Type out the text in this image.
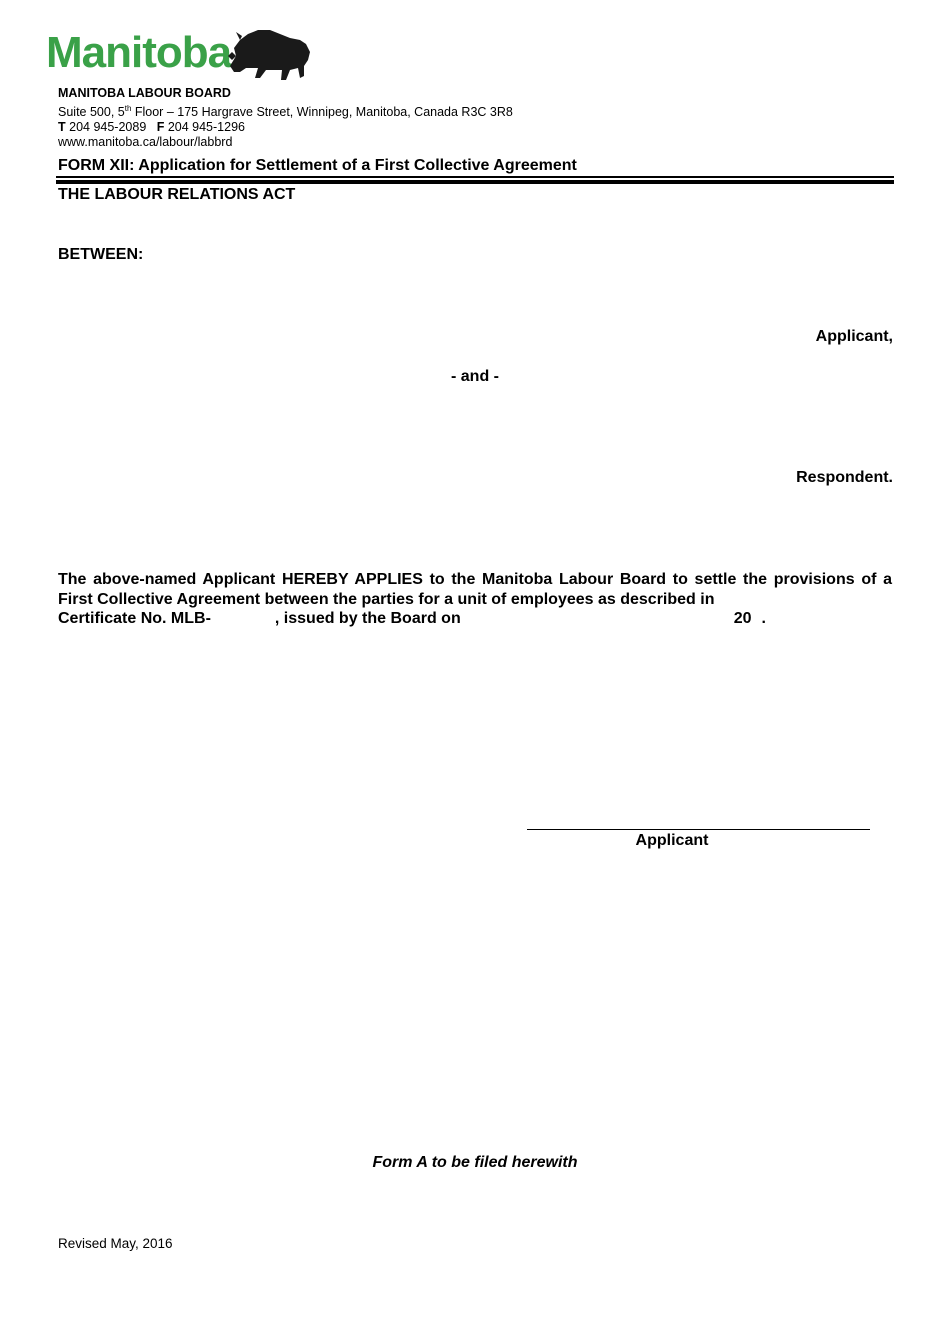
Manitoba
MANITOBA LABOUR BOARD
Suite 500, 5th Floor – 175 Hargrave Street, Winnipeg, Manitoba, Canada R3C 3R8
T 204 945-2089 F 204 945-1296
www.manitoba.ca/labour/labbrd
FORM XII: Application for Settlement of a First Collective Agreement
THE LABOUR RELATIONS ACT
BETWEEN:
Applicant,
- and -
Respondent.
The above-named Applicant HEREBY APPLIES to the Manitoba Labour Board to settle the provisions of a First Collective Agreement between the parties for a unit of employees as described in
Certificate No. MLB-	, issued by the Board on	20 .
Applicant
Form A to be filed herewith
Revised May, 2016
